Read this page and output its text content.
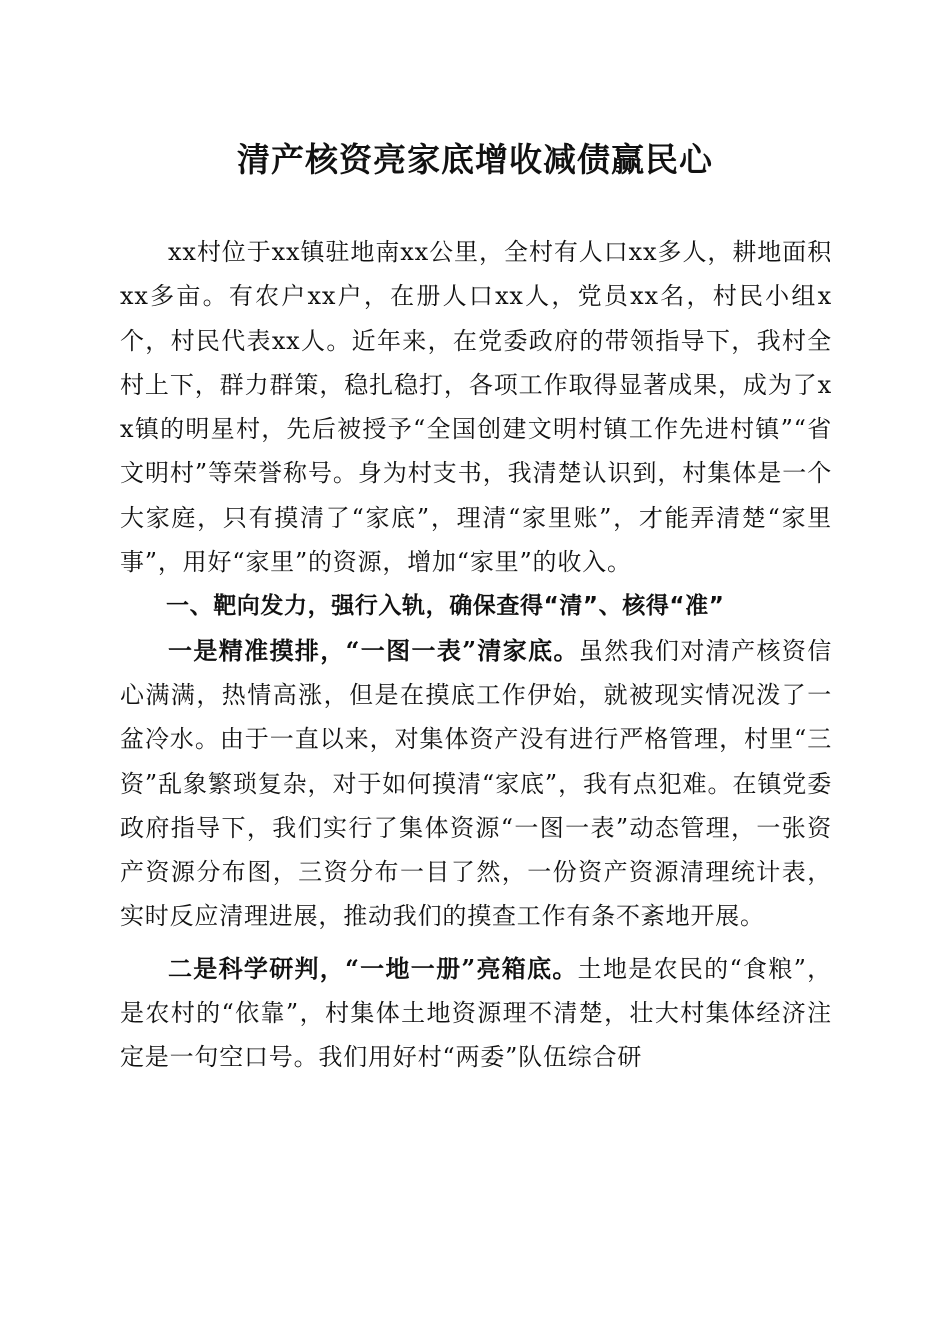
清产核资亮家底增收减债赢民心

xx村位于xx镇驻地南xx公里，全村有人口xx多人，耕地面积xx多亩。有农户xx户，在册人口xx人，党员xx名，村民小组x个，村民代表xx人。近年来，在党委政府的带领指导下，我村全村上下，群力群策，稳扎稳打，各项工作取得显著成果，成为了xx镇的明星村，先后被授予“全国创建文明村镇工作先进村镇”“省文明村”等荣誉称号。身为村支书，我清楚认识到，村集体是一个大家庭，只有摸清了“家底”，理清“家里账”，才能弄清楚“家里事”，用好“家里”的资源，增加“家里”的收入。

一、靶向发力，强行入轨，确保查得“清”、核得“准”

一是精准摸排，“一图一表”清家底。虽然我们对清产核资信心满满，热情高涨，但是在摸底工作伊始，就被现实情况泼了一盆冷水。由于一直以来，对集体资产没有进行严格管理，村里“三资”乱象繁琐复杂，对于如何摸清“家底”，我有点犯难。在镇党委政府指导下，我们实行了集体资源“一图一表”动态管理，一张资产资源分布图，三资分布一目了然，一份资产资源清理统计表，实时反应清理进展，推动我们的摸查工作有条不紊地开展。

二是科学研判，“一地一册”亮箱底。土地是农民的“食粮”，是农村的“依靠”，村集体土地资源理不清楚，壮大村集体经济注定是一句空口号。我们用好村“两委”队伍综合研
